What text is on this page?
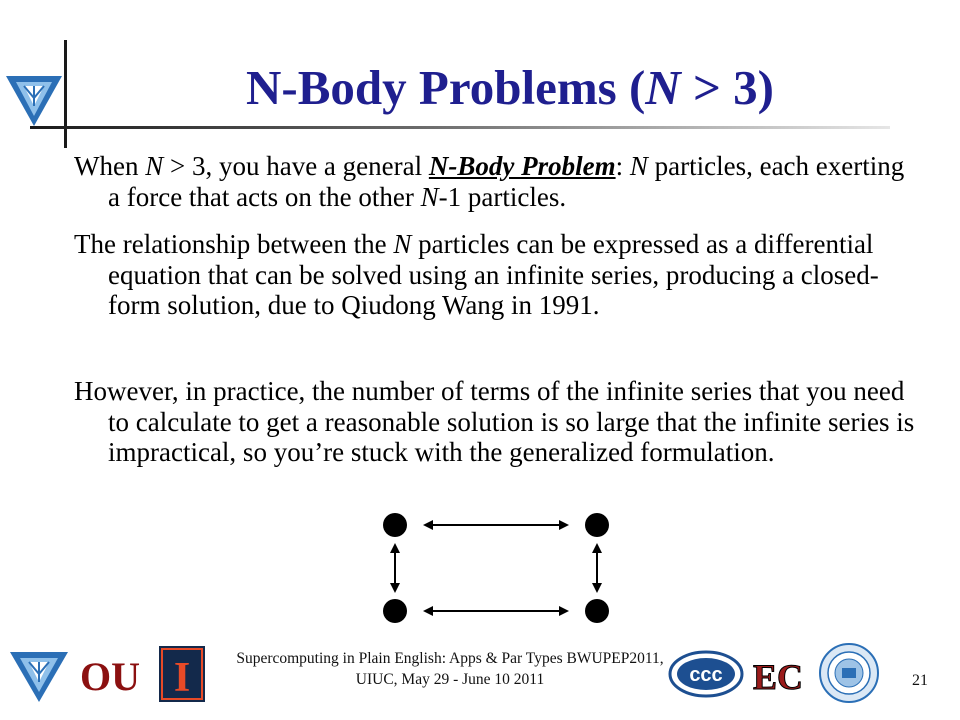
N-Body Problems (N > 3)
When N > 3, you have a general N-Body Problem: N particles, each exerting a force that acts on the other N-1 particles.
The relationship between the N particles can be expressed as a differential equation that can be solved using an infinite series, producing a closed-form solution, due to Qiudong Wang in 1991.
However, in practice, the number of terms of the infinite series that you need to calculate to get a reasonable solution is so large that the infinite series is impractical, so you’re stuck with the generalized formulation.
OU I	ccc EC
Supercomputing in Plain English: Apps & Par Types BWUPEP2011,
UIUC, May 29 - June 10 2011	21
